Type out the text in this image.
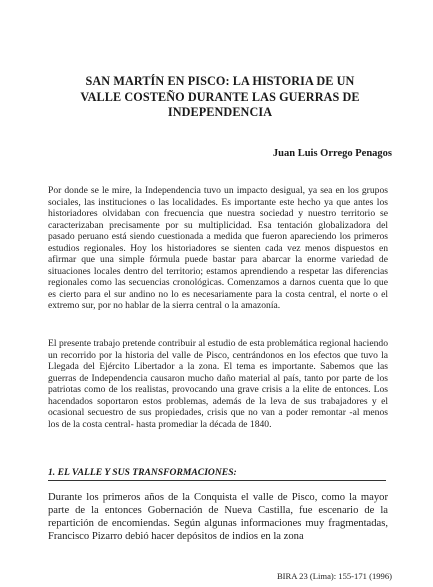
SAN MARTÍN EN PISCO: LA HISTORIA DE UN
VALLE COSTEÑO DURANTE LAS GUERRAS DE
INDEPENDENCIA
Juan Luis Orrego Penagos

Por donde se le mire, la Independencia tuvo un impacto desigual, ya sea en los grupos sociales, las instituciones o las localidades. Es importante este hecho ya que antes los historiadores olvidaban con frecuencia que nuestra sociedad y nuestro territorio se caracterizaban precisamente por su multiplicidad. Esa tentación globalizadora del pasado peruano está siendo cuestionada a medida que fueron apareciendo los primeros estudios regionales. Hoy los historiadores se sienten cada vez menos dispuestos en afirmar que una simple fórmula puede bastar para abarcar la enorme variedad de situaciones locales dentro del territorio; estamos aprendiendo a respetar las diferencias regionales como las secuencias cronológicas. Comenzamos a darnos cuenta que lo que es cierto para el sur andino no lo es necesariamente para la costa central, el norte o el extremo sur, por no hablar de la sierra central o la amazonía.

El presente trabajo pretende contribuir al estudio de esta problemática regional haciendo un recorrido por la historia del valle de Pisco, centrándonos en los efectos que tuvo la Llegada del Ejército Libertador a la zona. El tema es importante. Sabemos que las guerras de Independencia causaron mucho daño material al país, tanto por parte de los patriotas como de los realistas, provocando una grave crisis a la elite de entonces. Los hacendados soportaron estos problemas, además de la leva de sus trabajadores y el ocasional secuestro de sus propiedades, crisis que no van a poder remontar -al menos los de la costa central- hasta promediar la década de 1840.

1. EL VALLE Y SUS TRANSFORMACIONES:

Durante los primeros años de la Conquista el valle de Pisco, como la mayor parte de la entonces Gobernación de Nueva Castilla, fue escenario de la repartición de encomiendas. Según algunas informaciones muy fragmentadas, Francisco Pizarro debió hacer depósitos de indios en la zona

BIRA 23 (Lima): 155-171 (1996)
